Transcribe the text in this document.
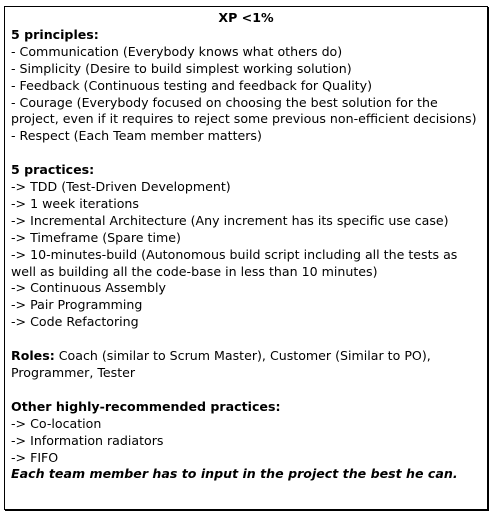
XP <1%

5 principles:

- Communication (Everybody knows what others do)

- Simplicity (Desire to build simplest working solution)

- Feedback (Continuous testing and feedback for Quality)

- Courage (Everybody focused on choosing the best solution for the project, even if it requires to reject some previous non-efficient decisions)

- Respect (Each Team member matters)

5 practices:

-> TDD (Test-Driven Development)

-> 1 week iterations

-> Incremental Architecture (Any increment has its specific use case)

-> Timeframe (Spare time)

-> 10-minutes-build (Autonomous build script including all the tests as well as building all the code-base in less than 10 minutes)

-> Continuous Assembly

-> Pair Programming

-> Code Refactoring

Roles: Coach (similar to Scrum Master), Customer (Similar to PO), Programmer, Tester

Other highly-recommended practices:

-> Co-location

-> Information radiators

-> FIFO

Each team member has to input in the project the best he can.
